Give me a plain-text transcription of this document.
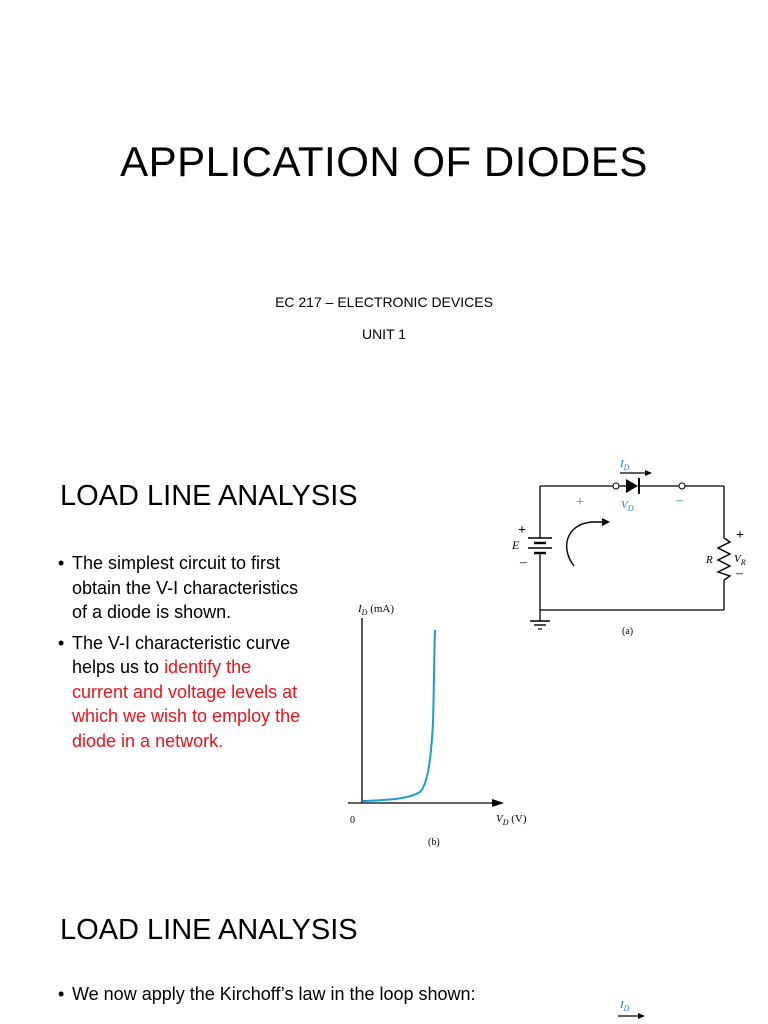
APPLICATION OF DIODES
EC 217 – ELECTRONIC DEVICES
UNIT 1
LOAD LINE ANALYSIS
• The simplest circuit to first obtain the V-I characteristics of a diode is shown.
• The V-I characteristic curve helps us to identify the current and voltage levels at which we wish to employ the diode in a network.
$I_D$
+	–
$V_D$
+
E
–	R
+
$V_R$
–
(a)
$I_D$ (mA)
$V_D$ (V)
0
(b)
LOAD LINE ANALYSIS
• We now apply the Kirchoff’s law in the loop shown:
$I_D$
